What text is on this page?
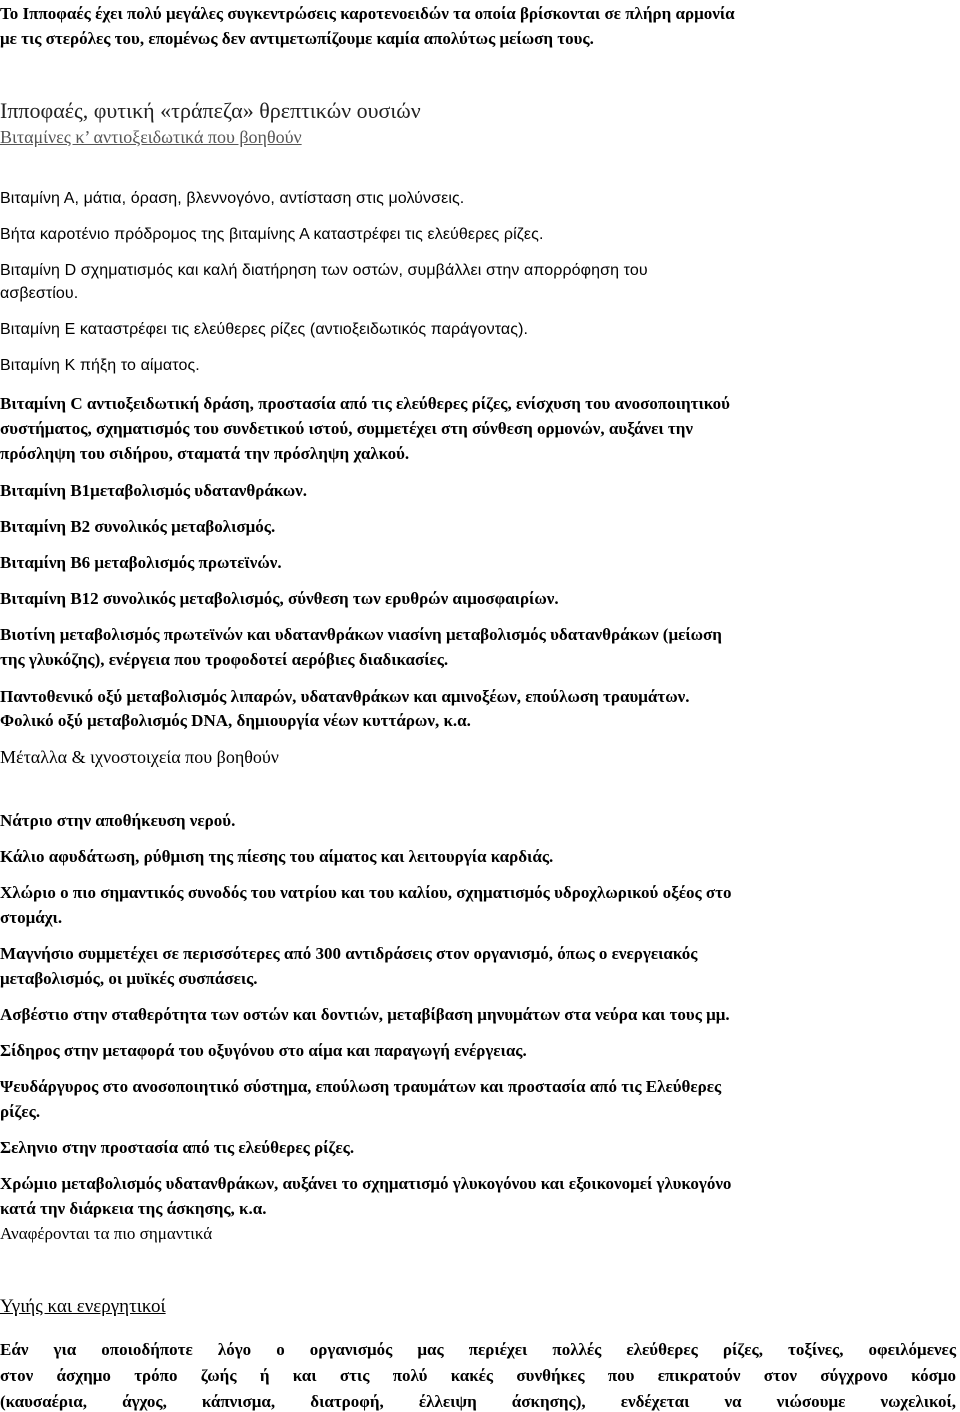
Το Ιπποφαές έχει πολύ μεγάλες συγκεντρώσεις καροτενοειδών τα οποία βρίσκονται σε πλήρη αρμονία

με τις στερόλες του, επομένως δεν αντιμετωπίζουμε καμία απολύτως μείωση τους.

Ιπποφαές, φυτική «τράπεζα» θρεπτικών ουσιών

Βιταμίνες κ’ αντιοξειδωτικά που βοηθούν

Βιταμίνη Α, μάτια, όραση, βλεννογόνο, αντίσταση στις μολύνσεις.

Βήτα καροτένιο πρόδρομος της βιταμίνης Α καταστρέφει τις ελεύθερες ρίζες.

Βιταμίνη D σχηματισμός και καλή διατήρηση των οστών, συμβάλλει στην απορρόφηση του

ασβεστίου.

Βιταμίνη Ε καταστρέφει τις ελεύθερες ρίζες (αντιοξειδωτικός παράγοντας).

Βιταμίνη Κ πήξη το αίματος.

Βιταμίνη C αντιοξειδωτική δράση, προστασία από τις ελεύθερες ρίζες, ενίσχυση του ανοσοποιητικού

συστήματος, σχηματισμός του συνδετικού ιστού, συμμετέχει στη σύνθεση ορμονών, αυξάνει την

πρόσληψη του σιδήρου, σταματά την πρόσληψη χαλκού.

Βιταμίνη Β1μεταβολισμός υδατανθράκων.

Βιταμίνη Β2 συνολικός μεταβολισμός.

Βιταμίνη Β6 μεταβολισμός πρωτεϊνών.

Βιταμίνη Β12 συνολικός μεταβολισμός, σύνθεση των ερυθρών αιμοσφαιρίων.

Βιοτίνη μεταβολισμός πρωτεϊνών και υδατανθράκων νιασίνη μεταβολισμός υδατανθράκων (μείωση

της γλυκόζης), ενέργεια που τροφοδοτεί αερόβιες διαδικασίες.

Παντοθενικό οξύ μεταβολισμός λιπαρών, υδατανθράκων και αμινοξέων, επούλωση τραυμάτων.

Φολικό οξύ μεταβολισμός DNA, δημιουργία νέων κυττάρων, κ.α.

Μέταλλα & ιχνοστοιχεία που βοηθούν

Νάτριο στην αποθήκευση νερού.

Κάλιο αφυδάτωση, ρύθμιση της πίεσης του αίματος και λειτουργία καρδιάς.

Χλώριο ο πιο σημαντικός συνοδός του νατρίου και του καλίου, σχηματισμός υδροχλωρικού οξέος στο

στομάχι.

Μαγνήσιο συμμετέχει σε περισσότερες από 300 αντιδράσεις στον οργανισμό, όπως ο ενεργειακός

μεταβολισμός, οι μυϊκές συσπάσεις.

Ασβέστιο στην σταθερότητα των οστών και δοντιών, μεταβίβαση μηνυμάτων στα νεύρα και τους μμ.

Σίδηρος στην μεταφορά του οξυγόνου στο αίμα και παραγωγή ενέργειας.

Ψευδάργυρος στο ανοσοποιητικό σύστημα, επούλωση τραυμάτων και προστασία από τις Ελεύθερες

ρίζες.

Σεληνιο στην προστασία από τις ελεύθερες ρίζες.

Χρώμιο μεταβολισμός υδατανθράκων, αυξάνει το σχηματισμό γλυκογόνου και εξοικονομεί γλυκογόνο

κατά την διάρκεια της άσκησης, κ.α.

Αναφέρονται τα πιο σημαντικά

Υγιής και ενεργητικοί

Εάν για οποιοδήποτε λόγο ο οργανισμός μας περιέχει πολλές ελεύθερες ρίζες, τοξίνες, οφειλόμενες

στον άσχημο τρόπο ζωής ή και στις πολύ κακές συνθήκες που επικρατούν στον σύγχρονο κόσμο

(καυσαέρια, άγχος, κάπνισμα, διατροφή, έλλειψη άσκησης), ενδέχεται να νιώσουμε νωχελικοί,
